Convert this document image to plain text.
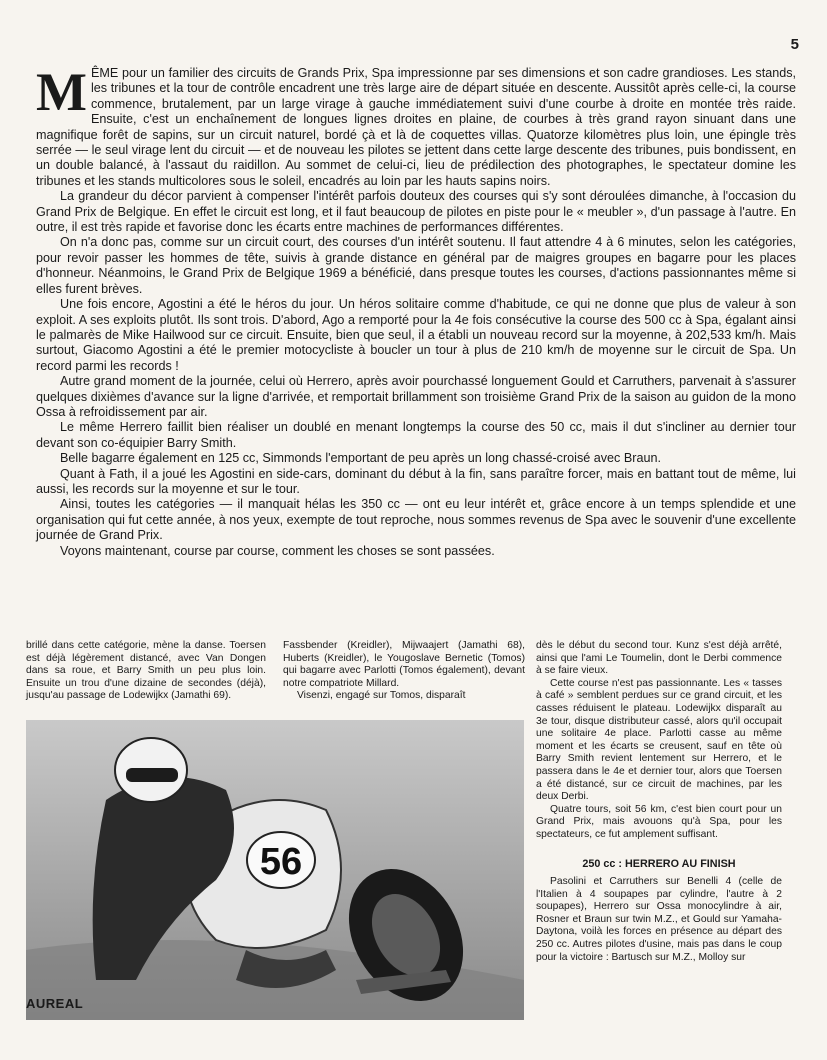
5

MÊME pour un familier des circuits de Grands Prix, Spa impressionne par ses dimensions et son cadre grandioses. Les stands, les tribunes et la tour de contrôle encadrent une très large aire de départ située en descente. Aussitôt après celle-ci, la course commence, brutalement, par un large virage à gauche immédiatement suivi d'une courbe à droite en montée très raide. Ensuite, c'est un enchaînement de longues lignes droites en plaine, de courbes à très grand rayon sinuant dans une magnifique forêt de sapins, sur un circuit naturel, bordé çà et là de coquettes villas. Quatorze kilomètres plus loin, une épingle très serrée — le seul virage lent du circuit — et de nouveau les pilotes se jettent dans cette large descente des tribunes, puis bondissent, en un double balancé, à l'assaut du raidillon. Au sommet de celui-ci, lieu de prédilection des photographes, le spectateur domine les tribunes et les stands multicolores sous le soleil, encadrés au loin par les hauts sapins noirs.

La grandeur du décor parvient à compenser l'intérêt parfois douteux des courses qui s'y sont déroulées dimanche, à l'occasion du Grand Prix de Belgique. En effet le circuit est long, et il faut beaucoup de pilotes en piste pour le « meubler », d'un passage à l'autre. En outre, il est très rapide et favorise donc les écarts entre machines de performances différentes.

On n'a donc pas, comme sur un circuit court, des courses d'un intérêt soutenu. Il faut attendre 4 à 6 minutes, selon les catégories, pour revoir passer les hommes de tête, suivis à grande distance en général par de maigres groupes en bagarre pour les places d'honneur. Néanmoins, le Grand Prix de Belgique 1969 a bénéficié, dans presque toutes les courses, d'actions passionnantes même si elles furent brèves.

Une fois encore, Agostini a été le héros du jour. Un héros solitaire comme d'habitude, ce qui ne donne que plus de valeur à son exploit. A ses exploits plutôt. Ils sont trois. D'abord, Ago a remporté pour la 4e fois consécutive la course des 500 cc à Spa, égalant ainsi le palmarès de Mike Hailwood sur ce circuit. Ensuite, bien que seul, il a établi un nouveau record sur la moyenne, à 202,533 km/h. Mais surtout, Giacomo Agostini a été le premier motocycliste à boucler un tour à plus de 210 km/h de moyenne sur le circuit de Spa. Un record parmi les records !

Autre grand moment de la journée, celui où Herrero, après avoir pourchassé longuement Gould et Carruthers, parvenait à s'assurer quelques dixièmes d'avance sur la ligne d'arrivée, et remportait brillamment son troisième Grand Prix de la saison au guidon de la mono Ossa à refroidissement par air.

Le même Herrero faillit bien réaliser un doublé en menant longtemps la course des 50 cc, mais il dut s'incliner au dernier tour devant son co-équipier Barry Smith.

Belle bagarre également en 125 cc, Simmonds l'emportant de peu après un long chassé-croisé avec Braun.

Quant à Fath, il a joué les Agostini en side-cars, dominant du début à la fin, sans paraître forcer, mais en battant tout de même, lui aussi, les records sur la moyenne et sur le tour.

Ainsi, toutes les catégories — il manquait hélas les 350 cc — ont eu leur intérêt et, grâce encore à un temps splendide et une organisation qui fut cette année, à nos yeux, exempte de tout reproche, nous sommes revenus de Spa avec le souvenir d'une excellente journée de Grand Prix.

Voyons maintenant, course par course, comment les choses se sont passées.

brillé dans cette catégorie, mène la danse. Toersen est déjà légèrement distancé, avec Van Dongen dans sa roue, et Barry Smith un peu plus loin. Ensuite un trou d'une dizaine de secondes (déjà), jusqu'au passage de Lodewijkx (Jamathi 69).

Fassbender (Kreidler), Mijwaajert (Jamathi 68), Huberts (Kreidler), le Yougoslave Bernetic (Tomos) qui bagarre avec Parlotti (Tomos également), devant notre compatriote Millard.

Visenzi, engagé sur Tomos, disparaît

dès le début du second tour. Kunz s'est déjà arrêté, ainsi que l'ami Le Toumelin, dont le Derbi commence à se faire vieux.

Cette course n'est pas passionnante. Les « tasses à café » semblent perdues sur ce grand circuit, et les casses réduisent le plateau. Lodewijkx disparaît au 3e tour, disque distributeur cassé, alors qu'il occupait une solitaire 4e place. Parlotti casse au même moment et les écarts se creusent, sauf en tête où Barry Smith revient lentement sur Herrero, et le passera dans le 4e et dernier tour, alors que Toersen a été distancé, sur ce circuit de machines, par les deux Derbi.

Quatre tours, soit 56 km, c'est bien court pour un Grand Prix, mais avouons qu'à Spa, pour les spectateurs, ce fut amplement suffisant.

250 cc : HERRERO AU FINISH

Pasolini et Carruthers sur Benelli 4 (celle de l'Italien à 4 soupapes par cylindre, l'autre à 2 soupapes), Herrero sur Ossa monocylindre à air, Rosner et Braun sur twin M.Z., et Gould sur Yamaha-Daytona, voilà les forces en présence au départ des 250 cc. Autres pilotes d'usine, mais pas dans le coup pour la victoire : Bartusch sur M.Z., Molloy sur

56
AUREAL
